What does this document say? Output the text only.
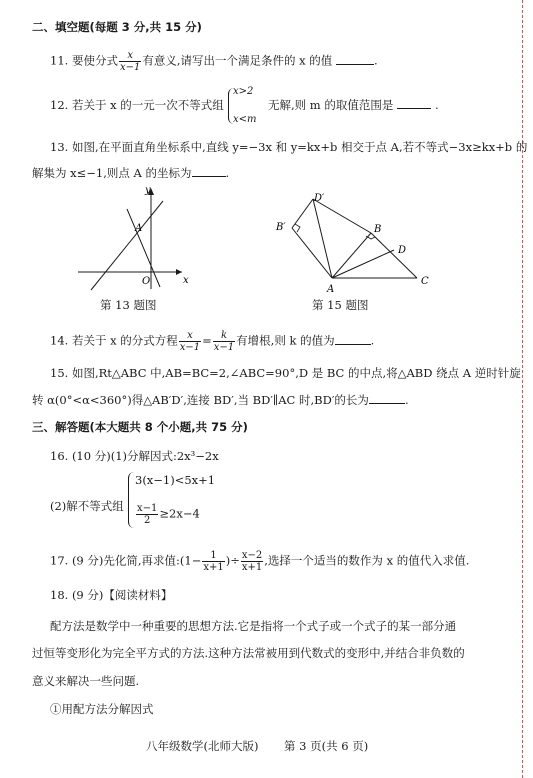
二、填空题(每题 3 分,共 15 分)
11. 要使分式 $\frac{x}{x-1}$ 有意义,请写出一个满足条件的 x 的值	.
12. 若关于 x 的一元一次不等式组
x>2
x<m
无解,则 m 的取值范围是	.
13. 如图,在平面直角坐标系中,直线 y=−3x 和 y=kx+b 相交于点 A,若不等式−3x≥kx+b 的
解集为 x≤−1,则点 A 的坐标为	.
y
x
A
O
第 13 题图
D′
B′	B
D
A
C
第 15 题图
14. 若关于 x 的分式方程 $\frac{x}{x-1} = \frac{k}{x-1}$ 有增根,则 k 的值为	.
15. 如图,Rt△ABC 中,AB=BC=2,∠ABC=90°,D 是 BC 的中点,将△ABD 绕点 A 逆时针旋
转 α(0°<α<360°)得△AB′D′,连接 BD′,当 BD′∥AC 时,BD′的长为	.
三、解答题(本大题共 8 个小题,共 75 分)
16. (10 分)(1)分解因式:2x³−2x
(2)解不等式组
3(x−1)<5x+1
$\frac{x-1}{2} \ge 2x-4$
17. (9 分)先化简,再求值:(1− $\frac{1}{x+1}$ )÷ $\frac{x-2}{x+1}$ ,选择一个适当的数作为 x 的值代入求值.
18. (9 分)【阅读材料】
配方法是数学中一种重要的思想方法.它是指将一个式子或一个式子的某一部分通
过恒等变形化为完全平方式的方法.这种方法常被用到代数式的变形中,并结合非负数的
意义来解决一些问题.
①用配方法分解因式
八年级数学(北师大版) 第 3 页(共 6 页)
